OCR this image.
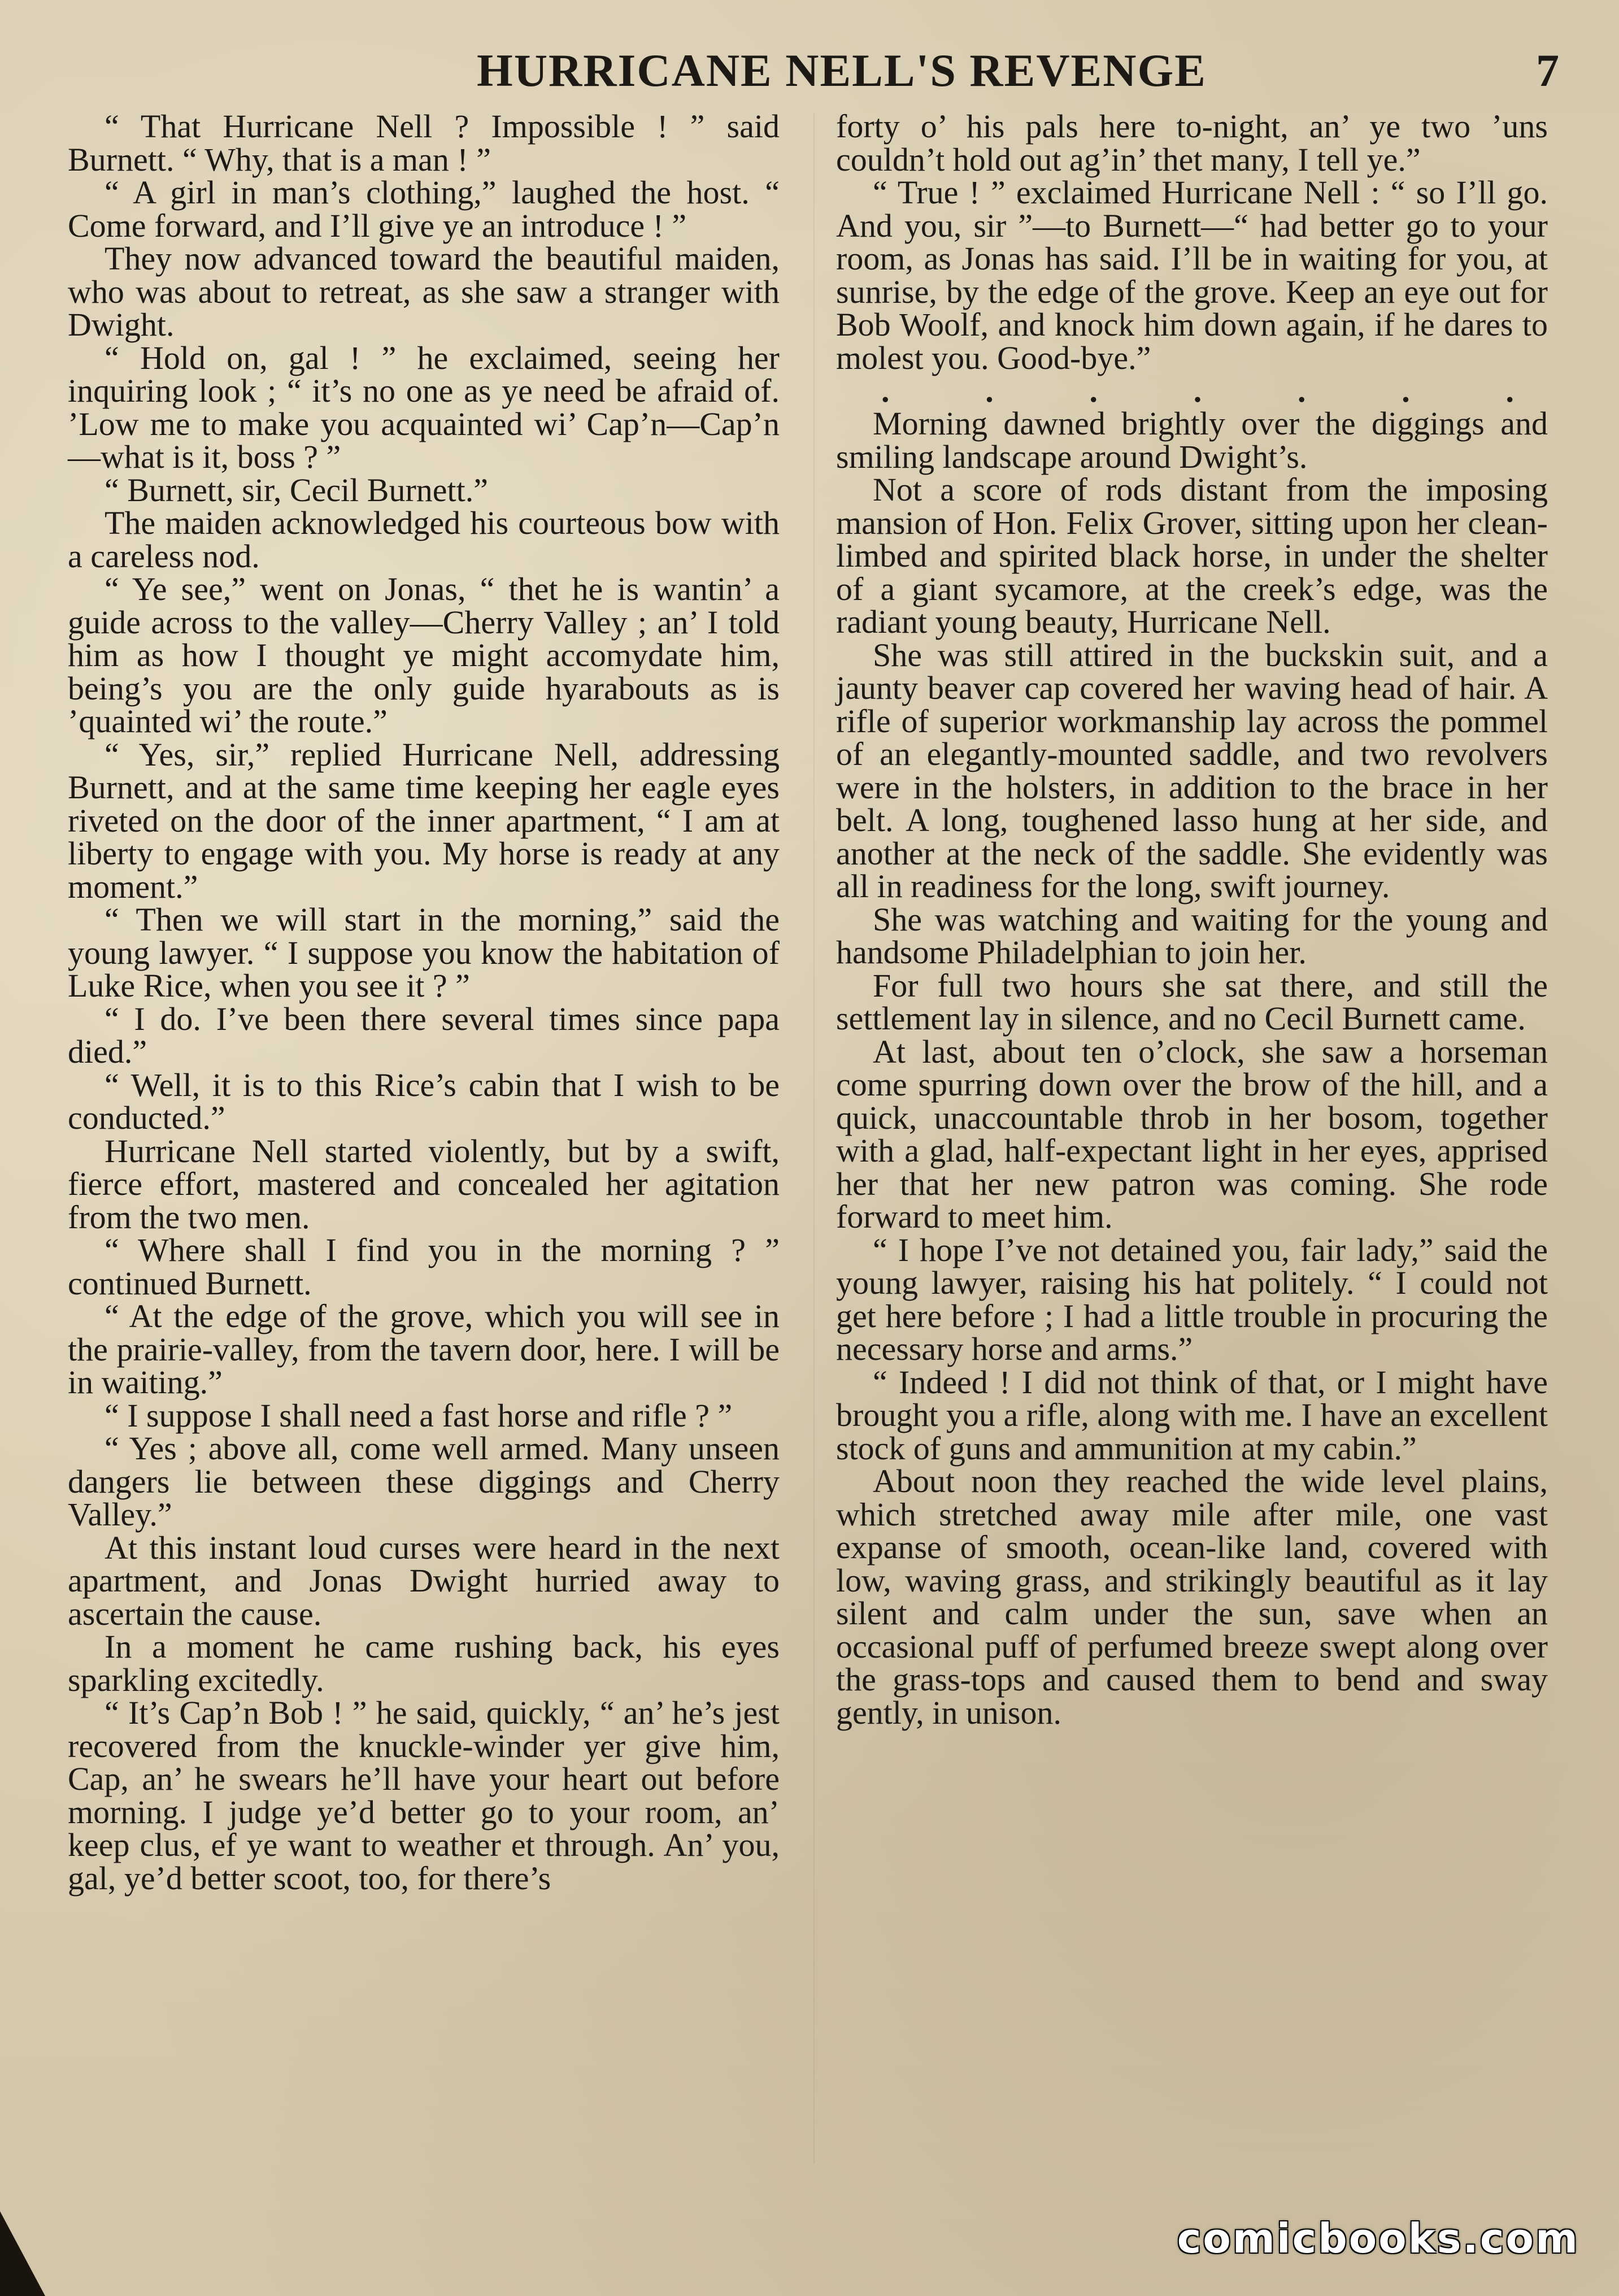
HURRICANE NELL'S REVENGE	7

“ That Hurricane Nell ? Impossible ! ” said Burnett. “ Why, that is a man ! ”

“ A girl in man’s clothing,” laughed the host. “ Come forward, and I’ll give ye an introduce ! ”

They now advanced toward the beautiful maiden, who was about to retreat, as she saw a stranger with Dwight.

“ Hold on, gal ! ” he exclaimed, seeing her inquiring look ; “ it’s no one as ye need be afraid of. ’Low me to make you acquainted wi’ Cap’n—Cap’n—what is it, boss ? ”

“ Burnett, sir, Cecil Burnett.”

The maiden acknowledged his courteous bow with a careless nod.

“ Ye see,” went on Jonas, “ thet he is wantin’ a guide across to the valley—Cherry Valley ; an’ I told him as how I thought ye might accomydate him, being’s you are the only guide hyarabouts as is ’quainted wi’ the route.”

“ Yes, sir,” replied Hurricane Nell, addressing Burnett, and at the same time keeping her eagle eyes riveted on the door of the inner apartment, “ I am at liberty to engage with you. My horse is ready at any moment.”

“ Then we will start in the morning,” said the young lawyer. “ I suppose you know the habitation of Luke Rice, when you see it ? ”

“ I do. I’ve been there several times since papa died.”

“ Well, it is to this Rice’s cabin that I wish to be conducted.”

Hurricane Nell started violently, but by a swift, fierce effort, mastered and concealed her agitation from the two men.

“ Where shall I find you in the morning ? ” continued Burnett.

“ At the edge of the grove, which you will see in the prairie-valley, from the tavern door, here. I will be in waiting.”

“ I suppose I shall need a fast horse and rifle ? ”

“ Yes ; above all, come well armed. Many unseen dangers lie between these diggings and Cherry Valley.”

At this instant loud curses were heard in the next apartment, and Jonas Dwight hurried away to ascertain the cause.

In a moment he came rushing back, his eyes sparkling excitedly.

“ It’s Cap’n Bob ! ” he said, quickly, “ an’ he’s jest recovered from the knuckle-winder yer give him, Cap, an’ he swears he’ll have your heart out before morning. I judge ye’d better go to your room, an’ keep clus, ef ye want to weather et through. An’ you, gal, ye’d better scoot, too, for there’s

forty o’ his pals here to-night, an’ ye two ’uns couldn’t hold out ag’in’ thet many, I tell ye.”

“ True ! ” exclaimed Hurricane Nell : “ so I’ll go. And you, sir ”—to Burnett—“ had better go to your room, as Jonas has said. I’ll be in waiting for you, at sunrise, by the edge of the grove. Keep an eye out for Bob Woolf, and knock him down again, if he dares to molest you. Good-bye.”

.	.	.	.	.	.	.

Morning dawned brightly over the diggings and smiling landscape around Dwight’s.

Not a score of rods distant from the imposing mansion of Hon. Felix Grover, sitting upon her clean-limbed and spirited black horse, in under the shelter of a giant sycamore, at the creek’s edge, was the radiant young beauty, Hurricane Nell.

She was still attired in the buckskin suit, and a jaunty beaver cap covered her waving head of hair. A rifle of superior workmanship lay across the pommel of an elegantly-mounted saddle, and two revolvers were in the holsters, in addition to the brace in her belt. A long, toughened lasso hung at her side, and another at the neck of the saddle. She evidently was all in readiness for the long, swift journey.

She was watching and waiting for the young and handsome Philadelphian to join her.

For full two hours she sat there, and still the settlement lay in silence, and no Cecil Burnett came.

At last, about ten o’clock, she saw a horseman come spurring down over the brow of the hill, and a quick, unaccountable throb in her bosom, together with a glad, half-expectant light in her eyes, apprised her that her new patron was coming. She rode forward to meet him.

“ I hope I’ve not detained you, fair lady,” said the young lawyer, raising his hat politely. “ I could not get here before ; I had a little trouble in procuring the necessary horse and arms.”

“ Indeed ! I did not think of that, or I might have brought you a rifle, along with me. I have an excellent stock of guns and ammunition at my cabin.”

About noon they reached the wide level plains, which stretched away mile after mile, one vast expanse of smooth, ocean-like land, covered with low, waving grass, and strikingly beautiful as it lay silent and calm under the sun, save when an occasional puff of perfumed breeze swept along over the grass-tops and caused them to bend and sway gently, in unison.

comicbooks.com
